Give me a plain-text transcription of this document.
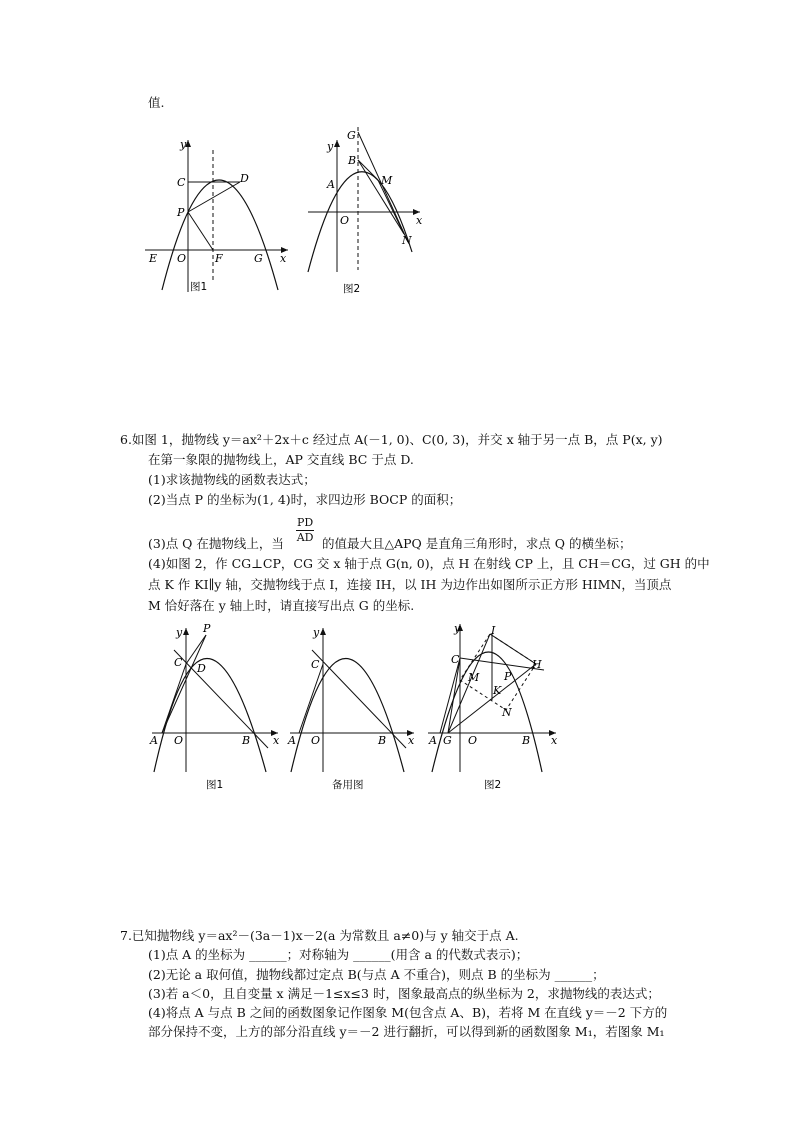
值.
y
C	D
P
E O	F	G x
图1
G
y
B
A	M
O	x
N
图2
6.如图 1，抛物线 y＝ax²＋2x＋c 经过点 A(－1, 0)、C(0, 3)，并交 x 轴于另一点 B，点 P(x, y)
在第一象限的抛物线上，AP 交直线 BC 于点 D.
(1)求该抛物线的函数表达式；
(2)当点 P 的坐标为(1, 4)时，求四边形 BOCP 的面积；
(3)点 Q 在抛物线上，当 $\frac{PD}{AD}$ 的值最大且△APQ 是直角三角形时，求点 Q 的横坐标；
(4)如图 2，作 CG⊥CP，CG 交 x 轴于点 G(n, 0)，点 H 在射线 CP 上，且 CH＝CG，过 GH 的中
点 K 作 KI∥y 轴，交抛物线于点 I，连接 IH，以 IH 为边作出如图所示正方形 HIMN，当顶点
M 恰好落在 y 轴上时，请直接写出点 G 的坐标.
y P
C D
A O	B x
图1
y
C
A O	B x
备用图
y	I
C	H
M P
K
N
A G O	B x
图2
7.已知抛物线 y＝ax²－(3a－1)x－2(a 为常数且 a≠0)与 y 轴交于点 A.
(1)点 A 的坐标为 ______；对称轴为 ______(用含 a 的代数式表示)；
(2)无论 a 取何值，抛物线都过定点 B(与点 A 不重合)，则点 B 的坐标为 ______；
(3)若 a＜0，且自变量 x 满足－1≤x≤3 时，图象最高点的纵坐标为 2，求抛物线的表达式；
(4)将点 A 与点 B 之间的函数图象记作图象 M(包含点 A、B)，若将 M 在直线 y＝－2 下方的
部分保持不变，上方的部分沿直线 y＝－2 进行翻折，可以得到新的函数图象 M₁，若图象 M₁
